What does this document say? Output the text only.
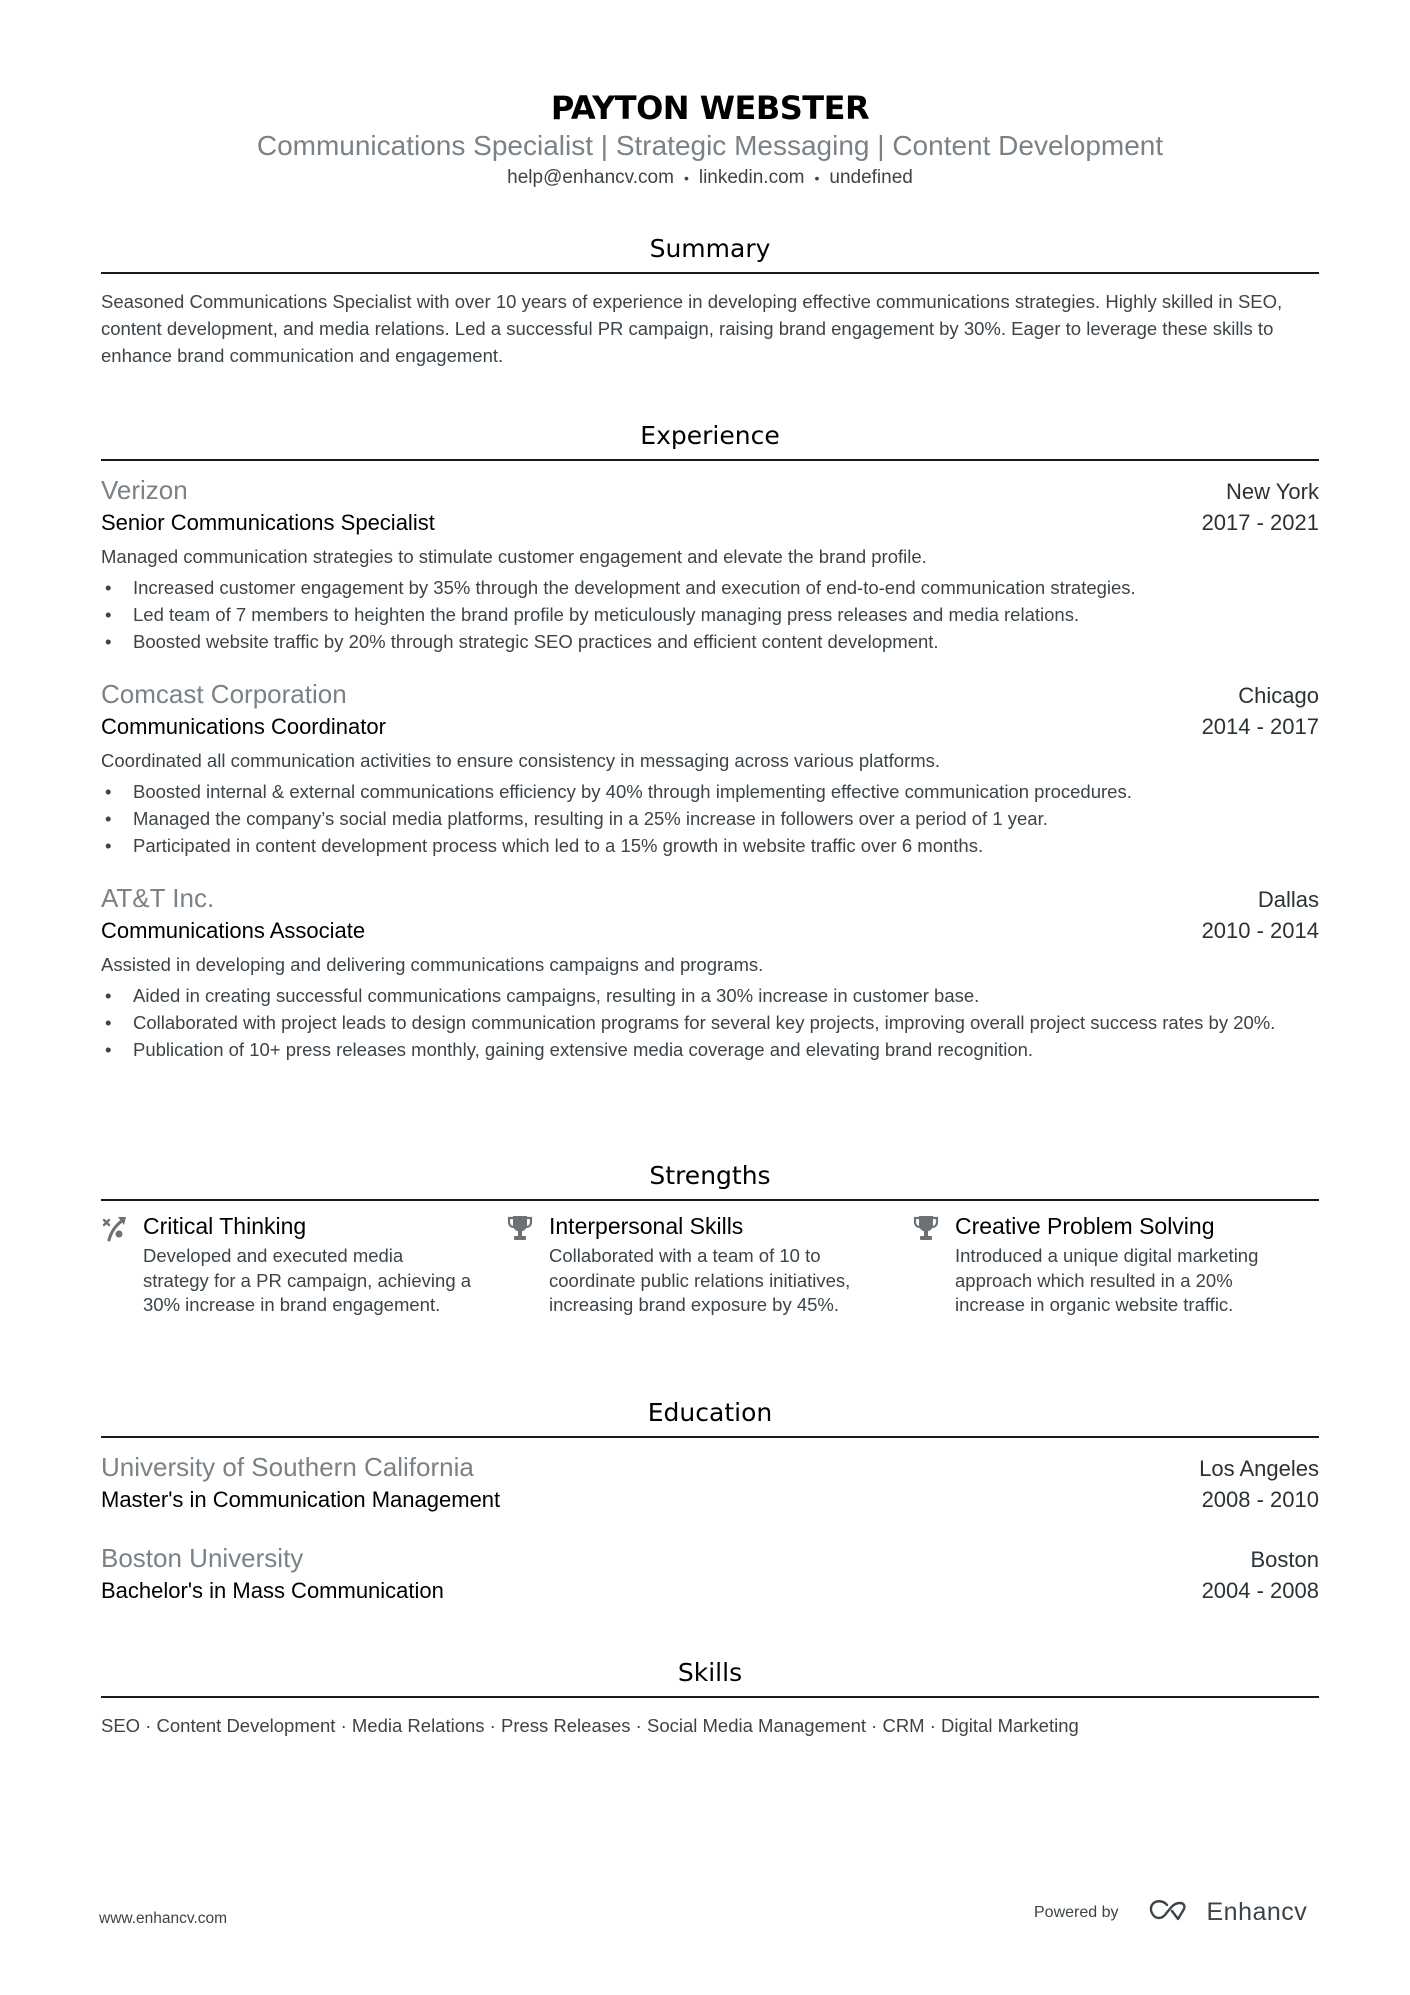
PAYTON WEBSTER
Communications Specialist | Strategic Messaging | Content Development
help@enhancv.com • linkedin.com • undefined
Summary
Seasoned Communications Specialist with over 10 years of experience in developing effective communications strategies. Highly skilled in SEO, content development, and media relations. Led a successful PR campaign, raising brand engagement by 30%. Eager to leverage these skills to enhance brand communication and engagement.
Experience
Verizon	New York
Senior Communications Specialist	2017 - 2021
Managed communication strategies to stimulate customer engagement and elevate the brand profile.
• Increased customer engagement by 35% through the development and execution of end-to-end communication strategies.
• Led team of 7 members to heighten the brand profile by meticulously managing press releases and media relations.
• Boosted website traffic by 20% through strategic SEO practices and efficient content development.
Comcast Corporation	Chicago
Communications Coordinator	2014 - 2017
Coordinated all communication activities to ensure consistency in messaging across various platforms.
• Boosted internal & external communications efficiency by 40% through implementing effective communication procedures.
• Managed the company’s social media platforms, resulting in a 25% increase in followers over a period of 1 year.
• Participated in content development process which led to a 15% growth in website traffic over 6 months.
AT&T Inc.	Dallas
Communications Associate	2010 - 2014
Assisted in developing and delivering communications campaigns and programs.
• Aided in creating successful communications campaigns, resulting in a 30% increase in customer base.
• Collaborated with project leads to design communication programs for several key projects, improving overall project success rates by 20%.
• Publication of 10+ press releases monthly, gaining extensive media coverage and elevating brand recognition.
Strengths
Critical Thinking
Developed and executed media strategy for a PR campaign, achieving a 30% increase in brand engagement.
Interpersonal Skills
Collaborated with a team of 10 to coordinate public relations initiatives, increasing brand exposure by 45%.
Creative Problem Solving
Introduced a unique digital marketing approach which resulted in a 20% increase in organic website traffic.
Education
University of Southern California	Los Angeles
Master's in Communication Management	2008 - 2010
Boston University	Boston
Bachelor's in Mass Communication	2004 - 2008
Skills
SEO · Content Development · Media Relations · Press Releases · Social Media Management · CRM · Digital Marketing
www.enhancv.com	Powered by	Enhancv
